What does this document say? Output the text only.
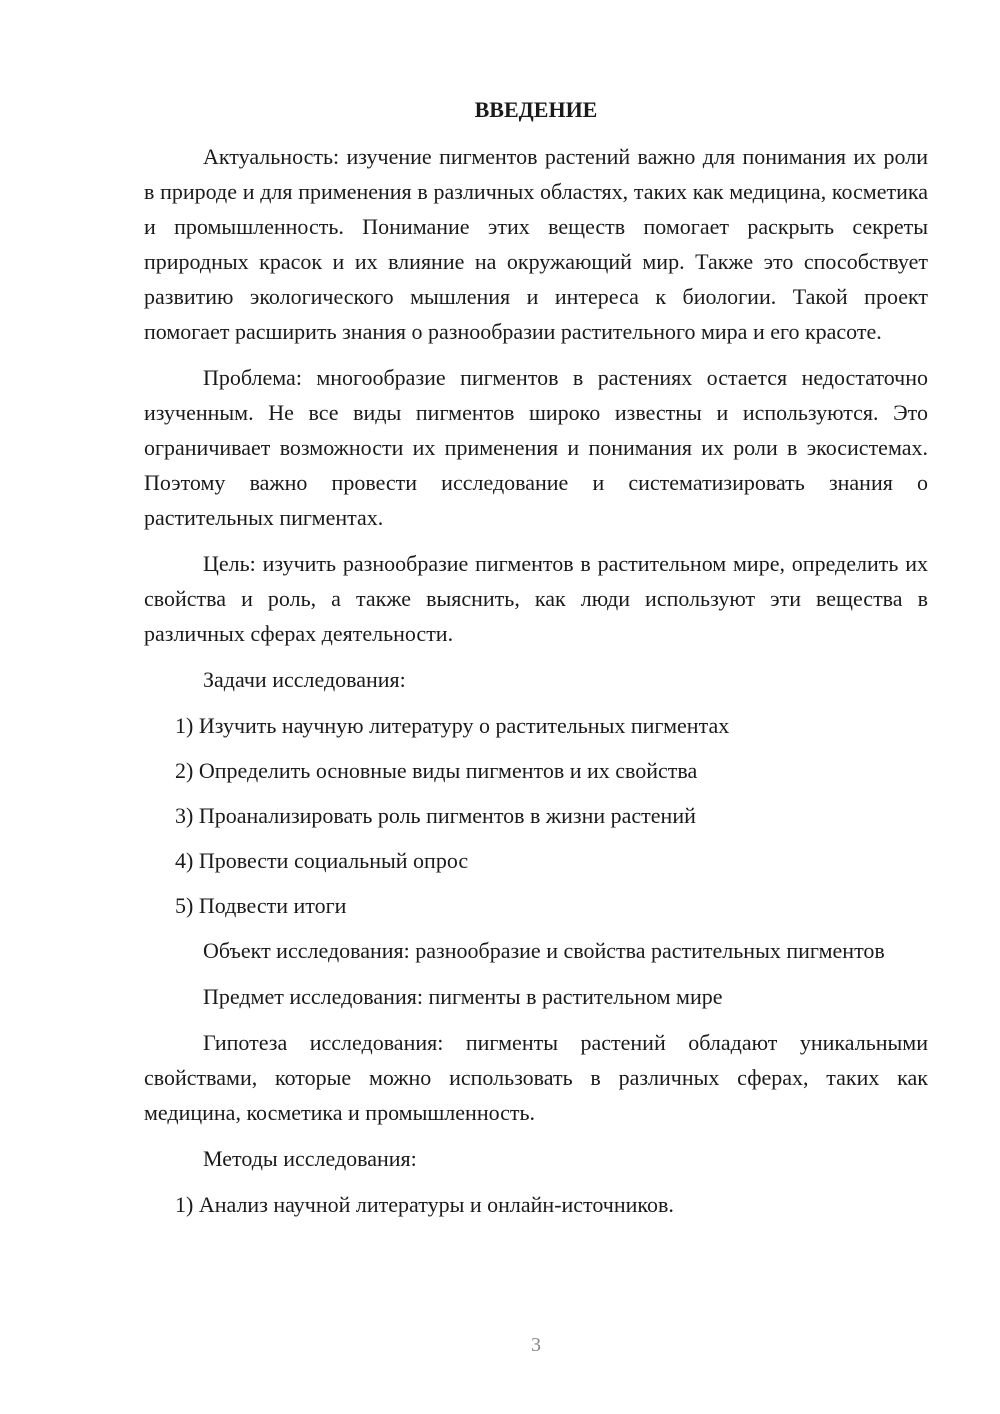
ВВЕДЕНИЕ

Актуальность: изучение пигментов растений важно для понимания их роли в природе и для применения в различных областях, таких как медицина, косметика и промышленность. Понимание этих веществ помогает раскрыть секреты природных красок и их влияние на окружающий мир. Также это способствует развитию экологического мышления и интереса к биологии. Такой проект помогает расширить знания о разнообразии растительного мира и его красоте.

Проблема: многообразие пигментов в растениях остается недостаточно изученным. Не все виды пигментов широко известны и используются. Это ограничивает возможности их применения и понимания их роли в экосистемах. Поэтому важно провести исследование и систематизировать знания о растительных пигментах.

Цель: изучить разнообразие пигментов в растительном мире, определить их свойства и роль, а также выяснить, как люди используют эти вещества в различных сферах деятельности.

Задачи исследования:

1) Изучить научную литературу о растительных пигментах
2) Определить основные виды пигментов и их свойства
3) Проанализировать роль пигментов в жизни растений
4) Провести социальный опрос
5) Подвести итоги

Объект исследования: разнообразие и свойства растительных пигментов

Предмет исследования: пигменты в растительном мире

Гипотеза исследования: пигменты растений обладают уникальными свойствами, которые можно использовать в различных сферах, таких как медицина, косметика и промышленность.

Методы исследования:

1) Анализ научной литературы и онлайн-источников.
3
